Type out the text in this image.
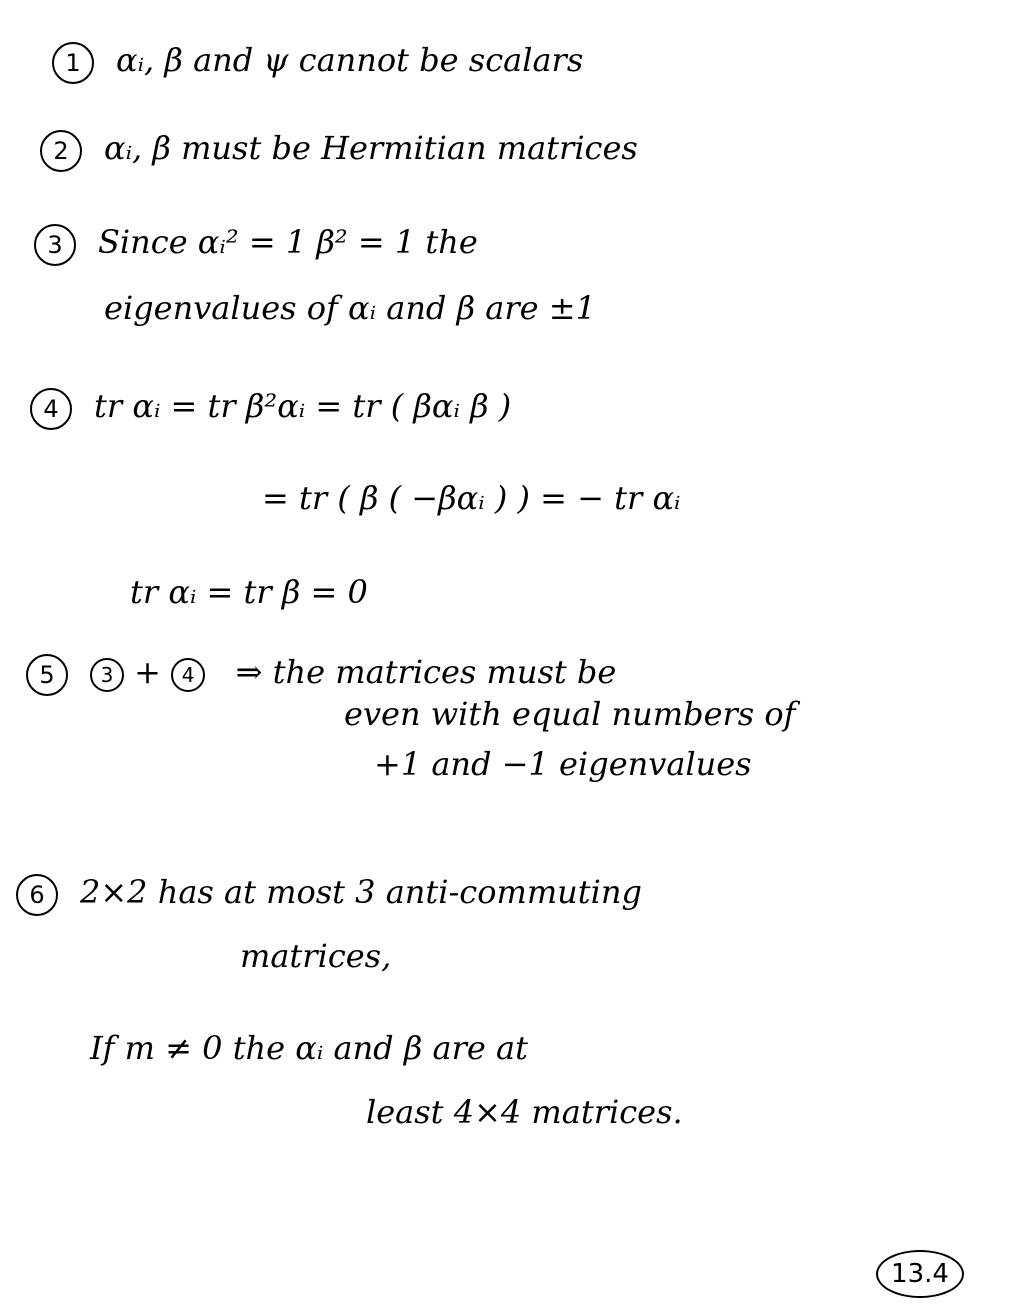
1 αᵢ, β and ψ cannot be scalars
2 αᵢ, β must be Hermitian matrices
3 Since αᵢ² = 1 β² = 1 the
eigenvalues of αᵢ and β are ±1
4 tr αᵢ = tr β²αᵢ = tr ( βαᵢ β )
= tr ( β ( −βαᵢ ) ) = − tr αᵢ
tr αᵢ = tr β = 0
5 3 + 4 ⇒ the matrices must be
even with equal numbers of
+1 and −1 eigenvalues
6 2×2 has at most 3 anti-commuting
matrices,
If m ≠ 0 the αᵢ and β are at
least 4×4 matrices.
13.4
